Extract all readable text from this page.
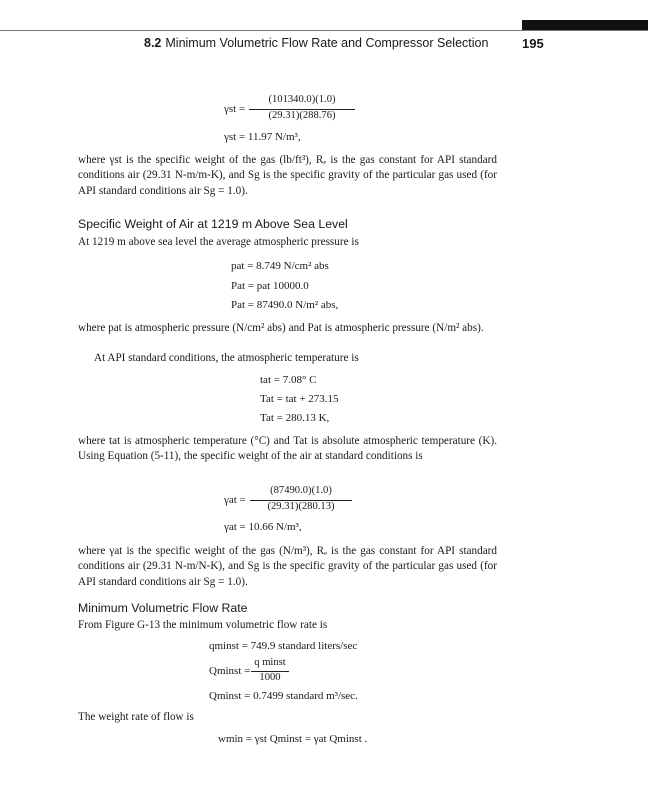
8.2 Minimum Volumetric Flow Rate and Compressor Selection	195
γst =
(101340.0)(1.0)
(29.31)(288.76)
γst = 11.97 N/m³,

where γst is the specific weight of the gas (lb/ft³), Rₑ is the gas constant for API standard conditions air (29.31 N-m/m-K), and Sg is the specific gravity of the particular gas used (for API standard conditions air Sg = 1.0).

Specific Weight of Air at 1219 m Above Sea Level

At 1219 m above sea level the average atmospheric pressure is

pat = 8.749 N/cm² abs
Pat = pat 10000.0
Pat = 87490.0 N/m² abs,

where pat is atmospheric pressure (N/cm² abs) and Pat is atmospheric pressure (N/m² abs).

At API standard conditions, the atmospheric temperature is

tat = 7.08° C
Tat = tat + 273.15
Tat = 280.13 K,

where tat is atmospheric temperature (°C) and Tat is absolute atmospheric temperature (K). Using Equation (5-11), the specific weight of the air at standard conditions is

γat =
(87490.0)(1.0)
(29.31)(280.13)
γat = 10.66 N/m³,

where γat is the specific weight of the gas (N/m³), Rₑ is the gas constant for API standard conditions air (29.31 N-m/N-K), and Sg is the specific gravity of the particular gas used (for API standard conditions air Sg = 1.0).

Minimum Volumetric Flow Rate

From Figure G-13 the minimum volumetric flow rate is

qminst = 749.9 standard liters/sec
Qminst =
q minst
1000
Qminst = 0.7499 standard m³/sec.

The weight rate of flow is

wmin = γst Qminst = γat Qminst .
